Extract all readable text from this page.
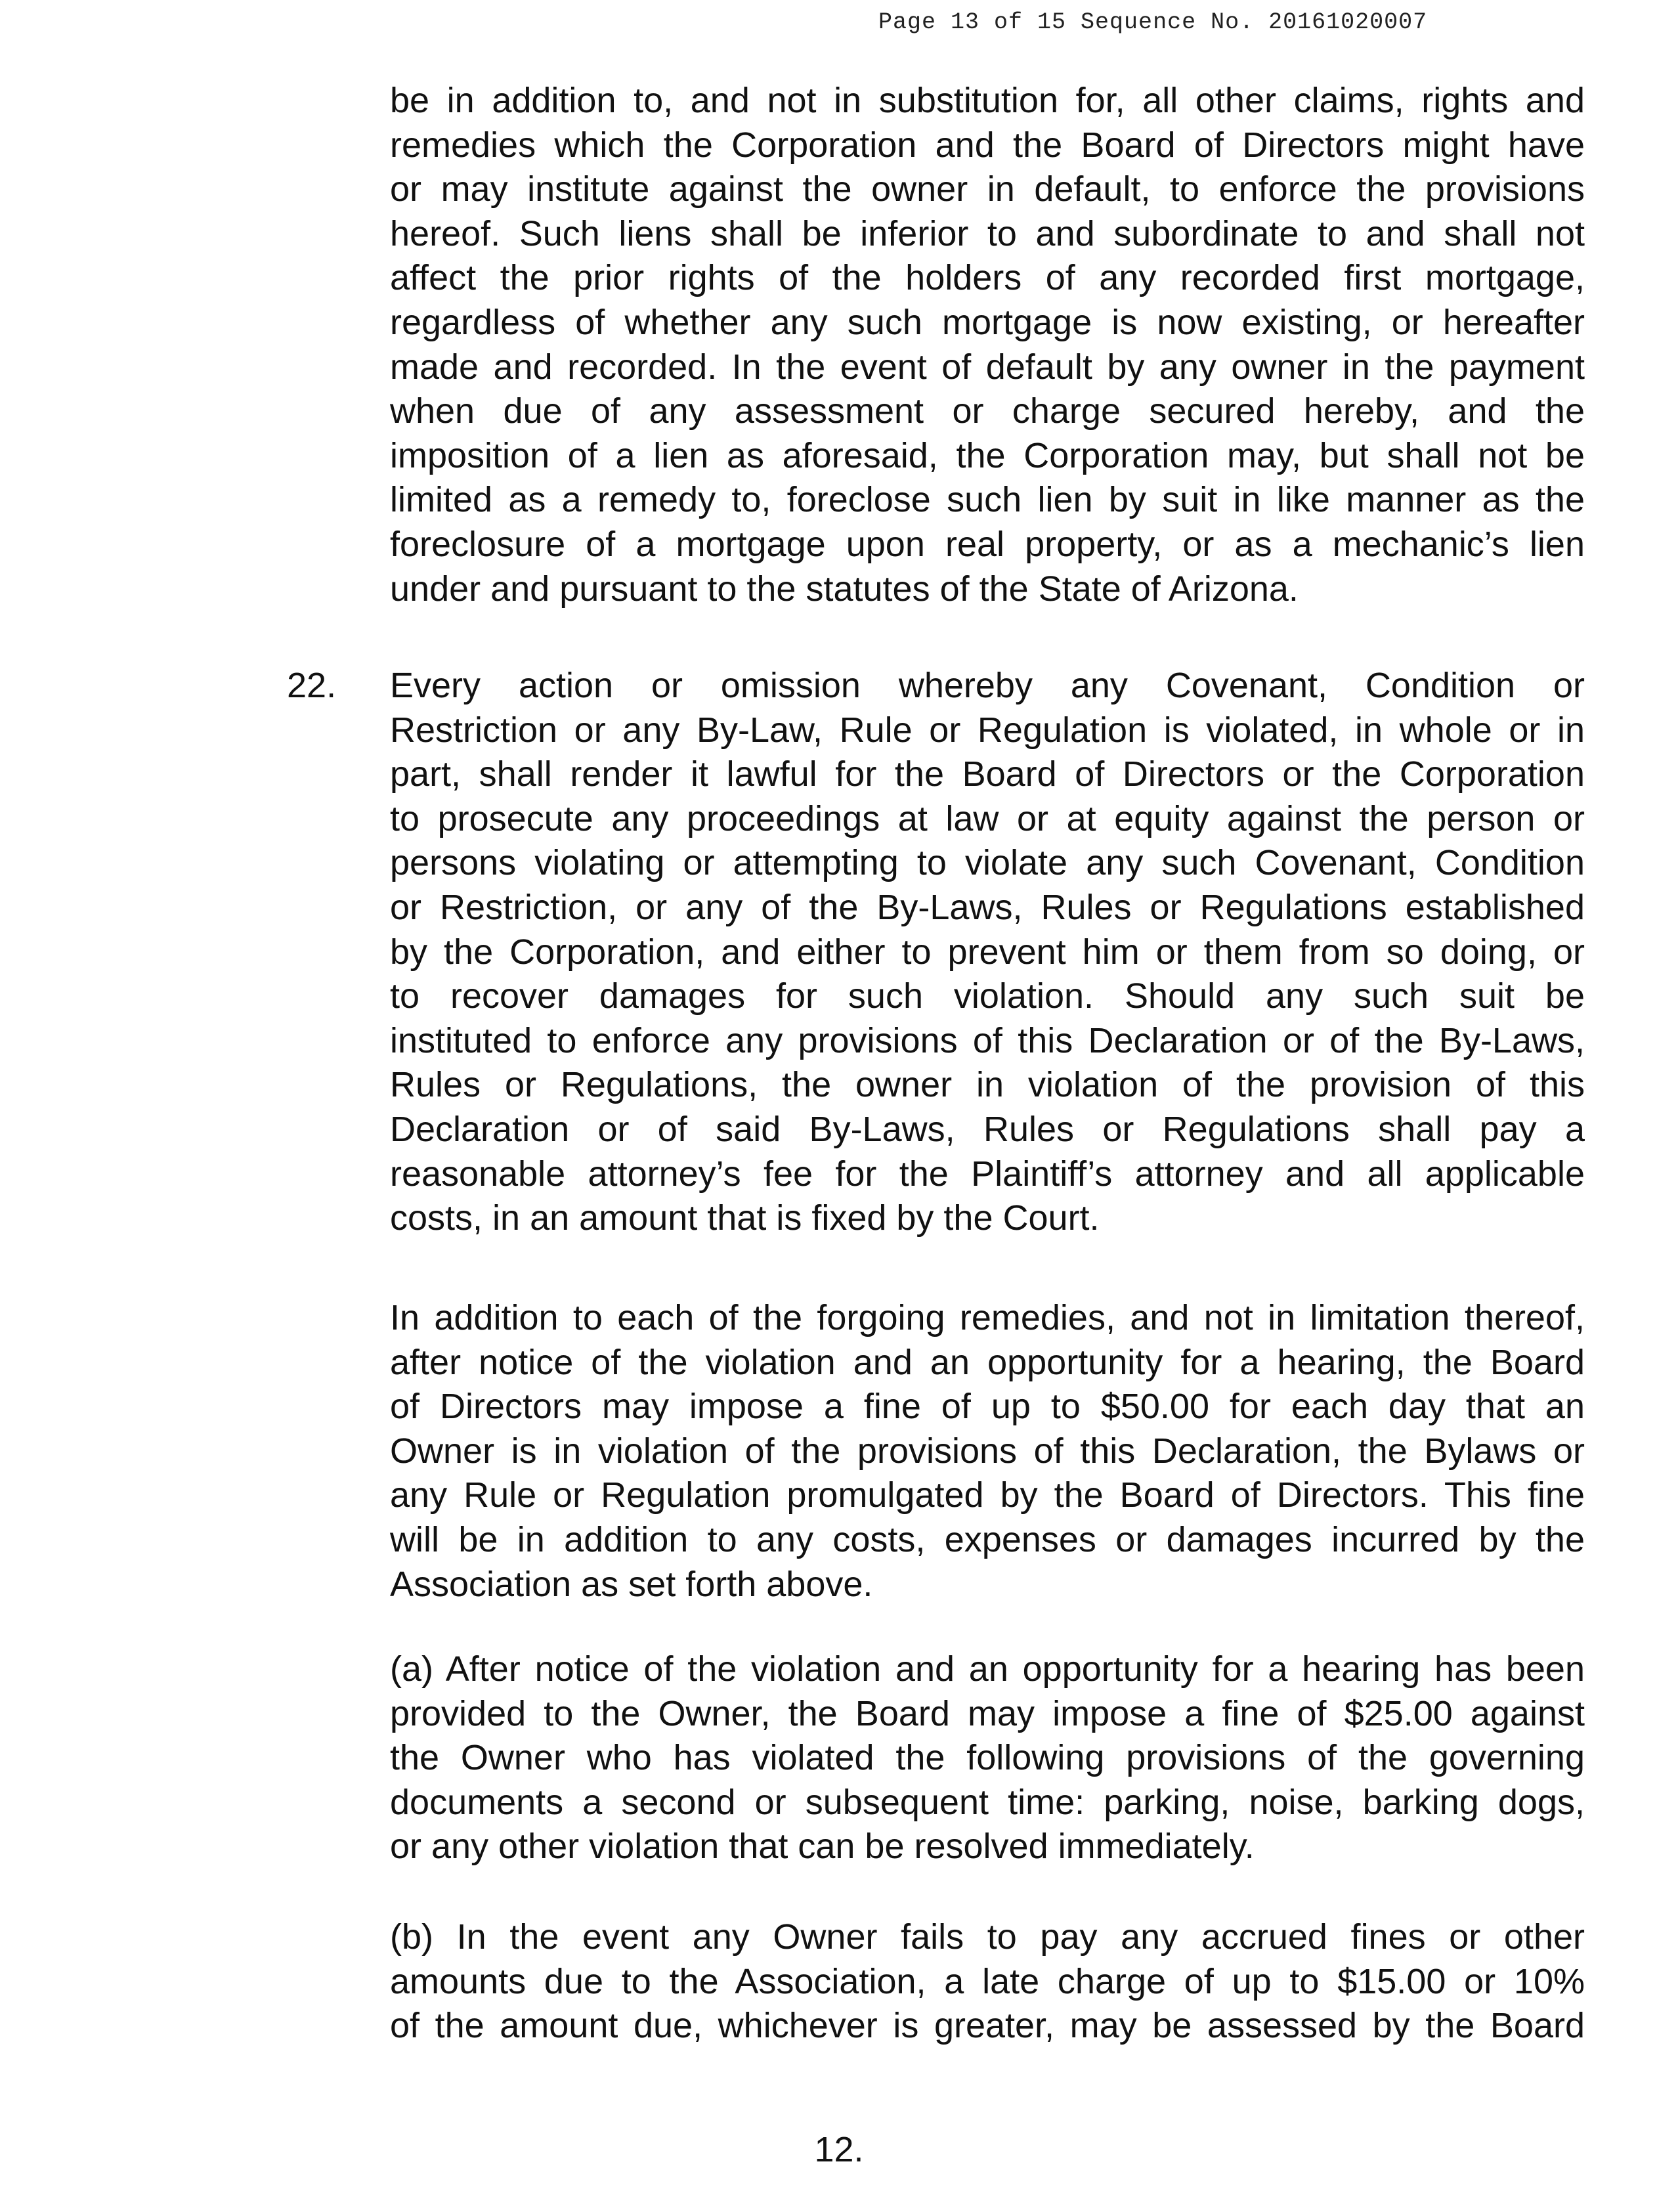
Page 13 of 15 Sequence No. 20161020007
be in addition to, and not in substitution for, all other claims, rights and
remedies which the Corporation and the Board of Directors might have
or may institute against the owner in default, to enforce the provisions
hereof. Such liens shall be inferior to and subordinate to and shall not
affect the prior rights of the holders of any recorded first mortgage,
regardless of whether any such mortgage is now existing, or hereafter
made and recorded. In the event of default by any owner in the payment
when due of any assessment or charge secured hereby, and the
imposition of a lien as aforesaid, the Corporation may, but shall not be
limited as a remedy to, foreclose such lien by suit in like manner as the
foreclosure of a mortgage upon real property, or as a mechanic’s lien
under and pursuant to the statutes of the State of Arizona.
22. Every action or omission whereby any Covenant, Condition or
Restriction or any By-Law, Rule or Regulation is violated, in whole or in
part, shall render it lawful for the Board of Directors or the Corporation
to prosecute any proceedings at law or at equity against the person or
persons violating or attempting to violate any such Covenant, Condition
or Restriction, or any of the By-Laws, Rules or Regulations established
by the Corporation, and either to prevent him or them from so doing, or
to recover damages for such violation. Should any such suit be
instituted to enforce any provisions of this Declaration or of the By-Laws,
Rules or Regulations, the owner in violation of the provision of this
Declaration or of said By-Laws, Rules or Regulations shall pay a
reasonable attorney’s fee for the Plaintiff’s attorney and all applicable
costs, in an amount that is fixed by the Court.
In addition to each of the forgoing remedies, and not in limitation thereof,
after notice of the violation and an opportunity for a hearing, the Board
of Directors may impose a fine of up to $50.00 for each day that an
Owner is in violation of the provisions of this Declaration, the Bylaws or
any Rule or Regulation promulgated by the Board of Directors. This fine
will be in addition to any costs, expenses or damages incurred by the
Association as set forth above.
(a) After notice of the violation and an opportunity for a hearing has been
provided to the Owner, the Board may impose a fine of $25.00 against
the Owner who has violated the following provisions of the governing
documents a second or subsequent time: parking, noise, barking dogs,
or any other violation that can be resolved immediately.
(b) In the event any Owner fails to pay any accrued fines or other
amounts due to the Association, a late charge of up to $15.00 or 10%
of the amount due, whichever is greater, may be assessed by the Board
12.
